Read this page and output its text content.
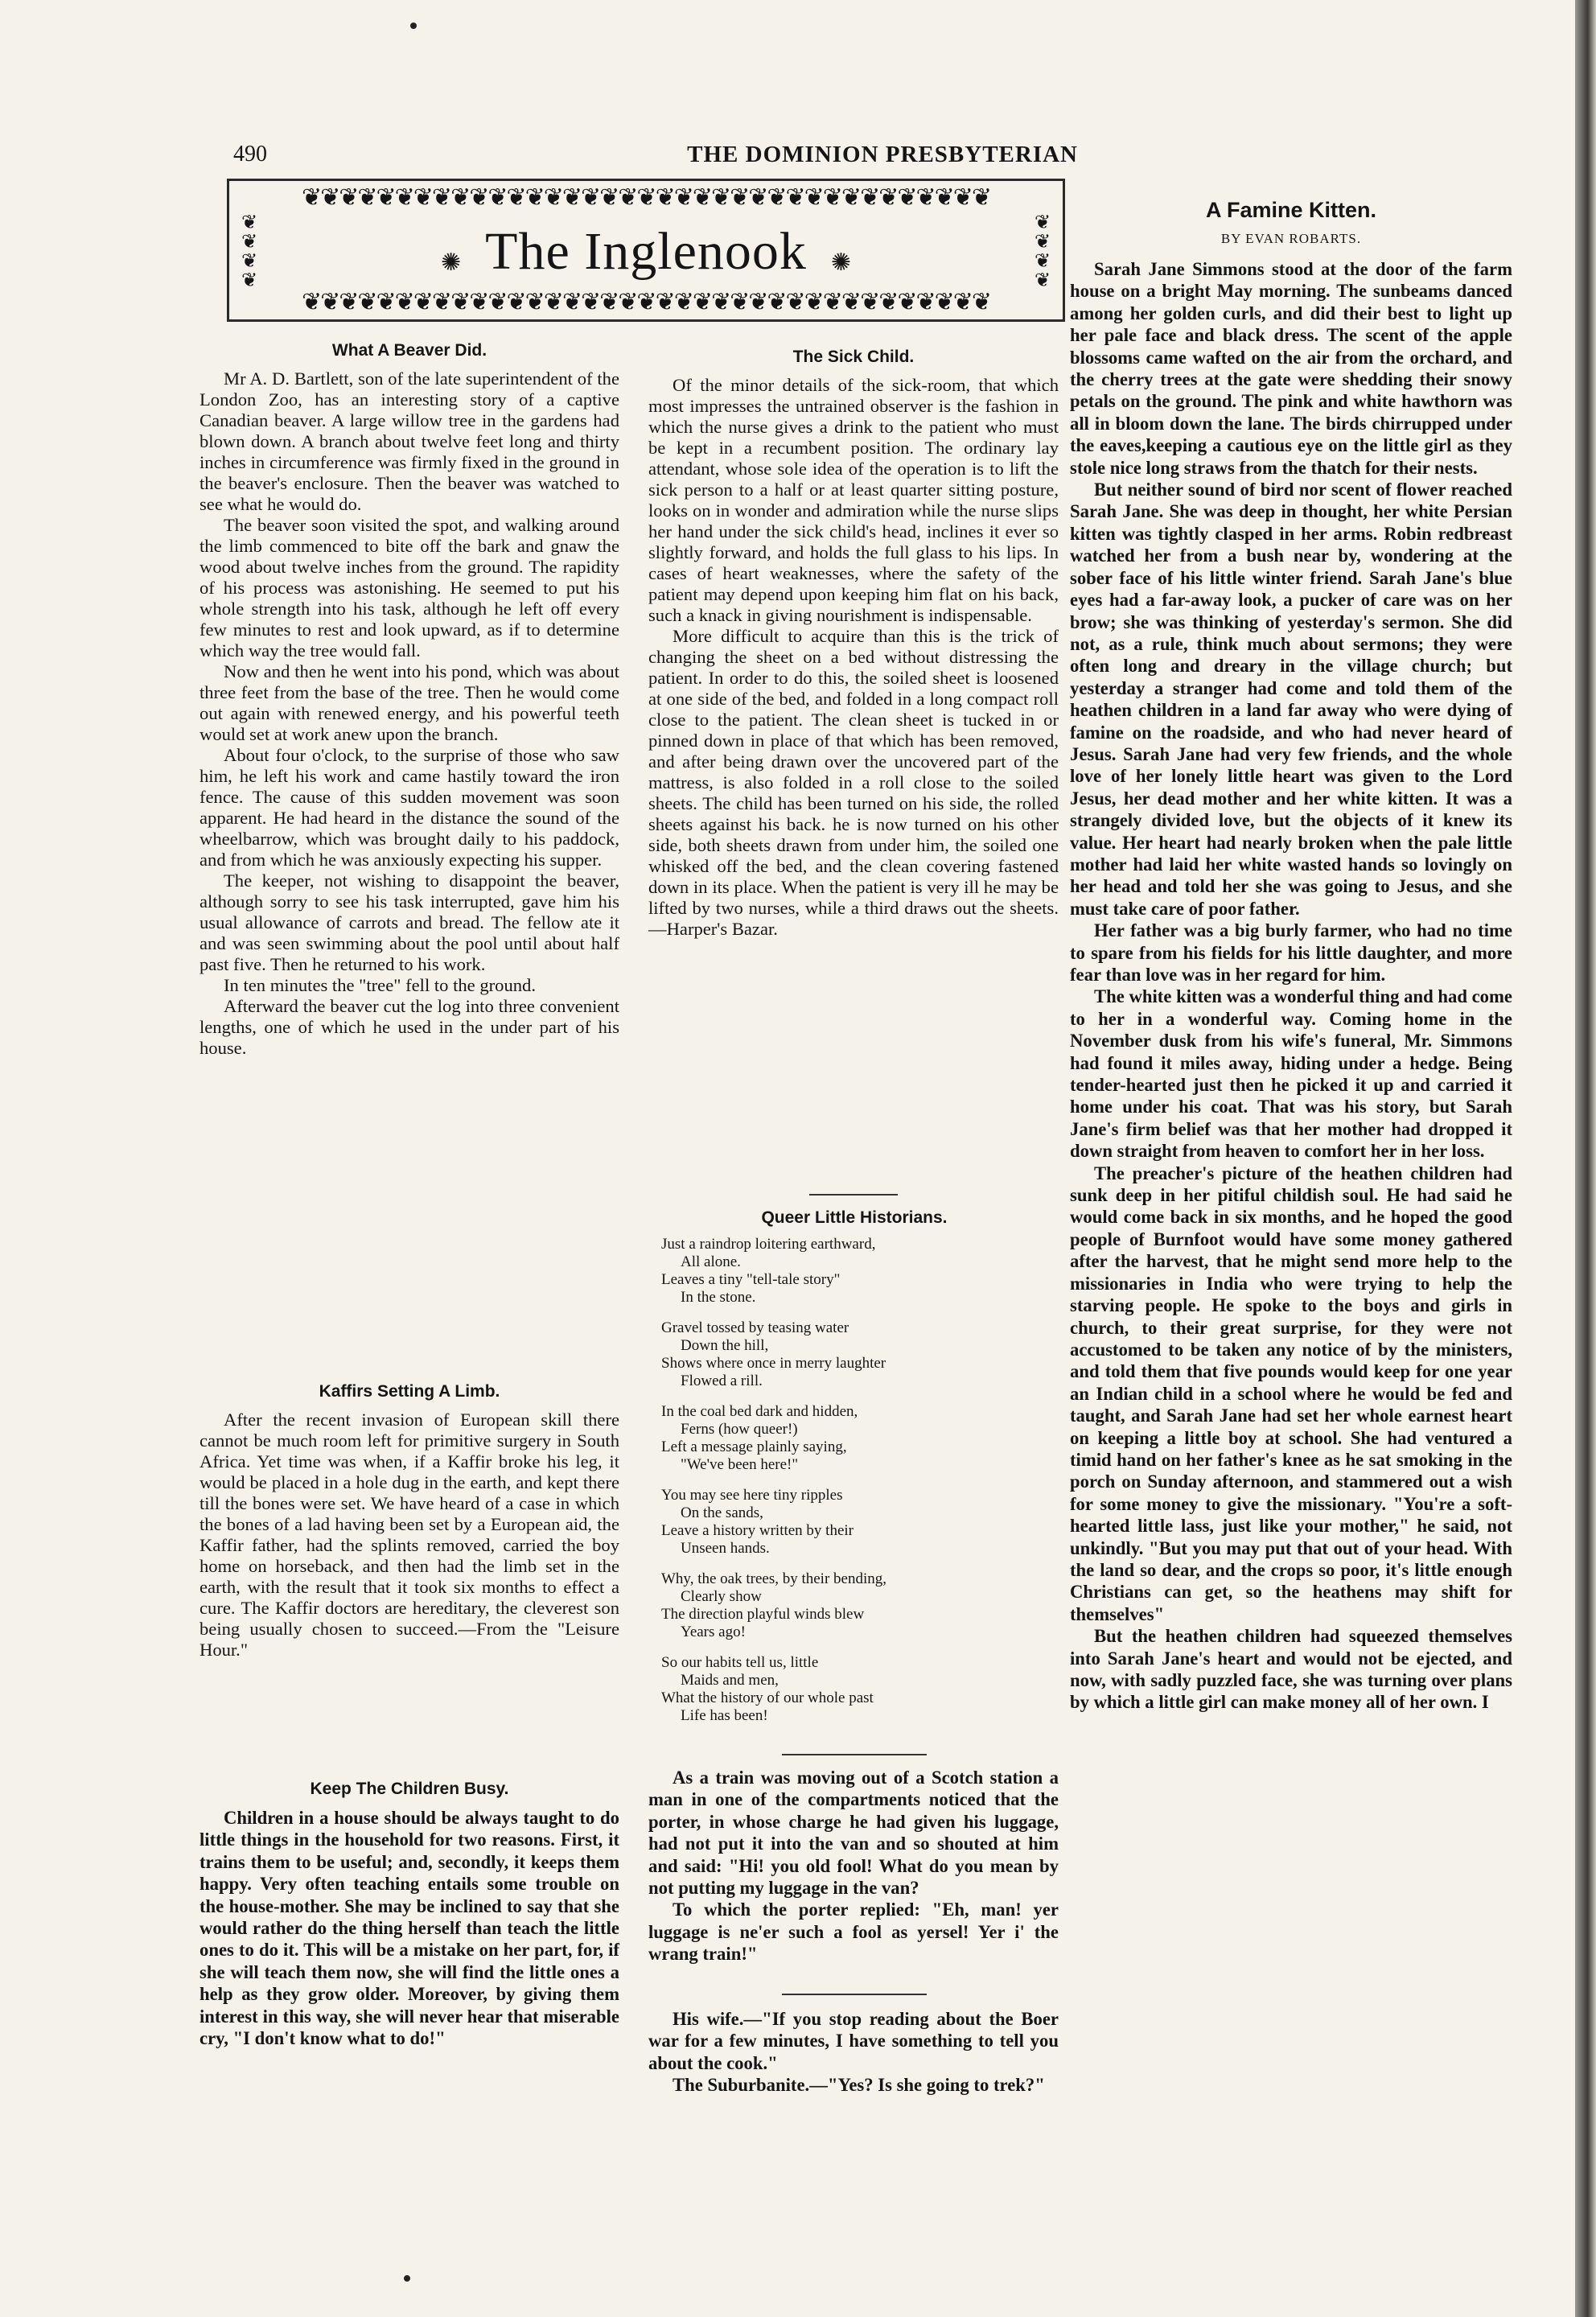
490	THE DOMINION PRESBYTERIAN
❦❦❦❦❦❦❦❦❦❦❦❦❦❦❦❦❦❦❦❦❦❦❦❦❦❦❦❦❦❦❦❦❦❦❦❦❦
❦
❦
❦
❦
❦
❦
❦
❦
✺ The Inglenook ✺
❦❦❦❦❦❦❦❦❦❦❦❦❦❦❦❦❦❦❦❦❦❦❦❦❦❦❦❦❦❦❦❦❦❦❦❦❦
What A Beaver Did.

Mr A. D. Bartlett, son of the late superintendent of the London Zoo, has an interesting story of a captive Canadian beaver. A large willow tree in the gardens had blown down. A branch about twelve feet long and thirty inches in circumference was firmly fixed in the ground in the beaver's enclosure. Then the beaver was watched to see what he would do.

The beaver soon visited the spot, and walking around the limb commenced to bite off the bark and gnaw the wood about twelve inches from the ground. The rapidity of his process was astonishing. He seemed to put his whole strength into his task, although he left off every few minutes to rest and look upward, as if to determine which way the tree would fall.

Now and then he went into his pond, which was about three feet from the base of the tree. Then he would come out again with renewed energy, and his powerful teeth would set at work anew upon the branch.

About four o'clock, to the surprise of those who saw him, he left his work and came hastily toward the iron fence. The cause of this sudden movement was soon apparent. He had heard in the distance the sound of the wheelbarrow, which was brought daily to his paddock, and from which he was anxiously expecting his supper.

The keeper, not wishing to disappoint the beaver, although sorry to see his task interrupted, gave him his usual allowance of carrots and bread. The fellow ate it and was seen swimming about the pool until about half past five. Then he returned to his work.

In ten minutes the "tree" fell to the ground.

Afterward the beaver cut the log into three convenient lengths, one of which he used in the under part of his house.

Kaffirs Setting A Limb.

After the recent invasion of European skill there cannot be much room left for primitive surgery in South Africa. Yet time was when, if a Kaffir broke his leg, it would be placed in a hole dug in the earth, and kept there till the bones were set. We have heard of a case in which the bones of a lad having been set by a European aid, the Kaffir father, had the splints removed, carried the boy home on horseback, and then had the limb set in the earth, with the result that it took six months to effect a cure. The Kaffir doctors are hereditary, the cleverest son being usually chosen to succeed.—From the "Leisure Hour."

Keep The Children Busy.

Children in a house should be always taught to do little things in the household for two reasons. First, it trains them to be useful; and, secondly, it keeps them happy. Very often teaching entails some trouble on the house-mother. She may be inclined to say that she would rather do the thing herself than teach the little ones to do it. This will be a mistake on her part, for, if she will teach them now, she will find the little ones a help as they grow older. Moreover, by giving them interest in this way, she will never hear that miserable cry, "I don't know what to do!"

The Sick Child.

Of the minor details of the sick-room, that which most impresses the untrained observer is the fashion in which the nurse gives a drink to the patient who must be kept in a recumbent position. The ordinary lay attendant, whose sole idea of the operation is to lift the sick person to a half or at least quarter sitting posture, looks on in wonder and admiration while the nurse slips her hand under the sick child's head, inclines it ever so slightly forward, and holds the full glass to his lips. In cases of heart weaknesses, where the safety of the patient may depend upon keeping him flat on his back, such a knack in giving nourishment is indispensable.

More difficult to acquire than this is the trick of changing the sheet on a bed without distressing the patient. In order to do this, the soiled sheet is loosened at one side of the bed, and folded in a long compact roll close to the patient. The clean sheet is tucked in or pinned down in place of that which has been removed, and after being drawn over the uncovered part of the mattress, is also folded in a roll close to the soiled sheets. The child has been turned on his side, the rolled sheets against his back. he is now turned on his other side, both sheets drawn from under him, the soiled one whisked off the bed, and the clean covering fastened down in its place. When the patient is very ill he may be lifted by two nurses, while a third draws out the sheets.—Harper's Bazar.

Queer Little Historians.
Just a raindrop loitering earthward,
All alone.
Leaves a tiny "tell-tale story"
In the stone.
Gravel tossed by teasing water
Down the hill,
Shows where once in merry laughter
Flowed a rill.
In the coal bed dark and hidden,
Ferns (how queer!)
Left a message plainly saying,
"We've been here!"
You may see here tiny ripples
On the sands,
Leave a history written by their
Unseen hands.
Why, the oak trees, by their bending,
Clearly show
The direction playful winds blew
Years ago!
So our habits tell us, little
Maids and men,
What the history of our whole past
Life has been!

As a train was moving out of a Scotch station a man in one of the compartments noticed that the porter, in whose charge he had given his luggage, had not put it into the van and so shouted at him and said: "Hi! you old fool! What do you mean by not putting my luggage in the van?

To which the porter replied: "Eh, man! yer luggage is ne'er such a fool as yersel! Yer i' the wrang train!"

His wife.—"If you stop reading about the Boer war for a few minutes, I have something to tell you about the cook."

The Suburbanite.—"Yes? Is she going to trek?"

A Famine Kitten.
BY EVAN ROBARTS.

Sarah Jane Simmons stood at the door of the farm house on a bright May morning. The sunbeams danced among her golden curls, and did their best to light up her pale face and black dress. The scent of the apple blossoms came wafted on the air from the orchard, and the cherry trees at the gate were shedding their snowy petals on the ground. The pink and white hawthorn was all in bloom down the lane. The birds chirrupped under the eaves,keeping a cautious eye on the little girl as they stole nice long straws from the thatch for their nests.

But neither sound of bird nor scent of flower reached Sarah Jane. She was deep in thought, her white Persian kitten was tightly clasped in her arms. Robin redbreast watched her from a bush near by, wondering at the sober face of his little winter friend. Sarah Jane's blue eyes had a far-away look, a pucker of care was on her brow; she was thinking of yesterday's sermon. She did not, as a rule, think much about sermons; they were often long and dreary in the village church; but yesterday a stranger had come and told them of the heathen children in a land far away who were dying of famine on the roadside, and who had never heard of Jesus. Sarah Jane had very few friends, and the whole love of her lonely little heart was given to the Lord Jesus, her dead mother and her white kitten. It was a strangely divided love, but the objects of it knew its value. Her heart had nearly broken when the pale little mother had laid her white wasted hands so lovingly on her head and told her she was going to Jesus, and she must take care of poor father.

Her father was a big burly farmer, who had no time to spare from his fields for his little daughter, and more fear than love was in her regard for him.

The white kitten was a wonderful thing and had come to her in a wonderful way. Coming home in the November dusk from his wife's funeral, Mr. Simmons had found it miles away, hiding under a hedge. Being tender-hearted just then he picked it up and carried it home under his coat. That was his story, but Sarah Jane's firm belief was that her mother had dropped it down straight from heaven to comfort her in her loss.

The preacher's picture of the heathen children had sunk deep in her pitiful childish soul. He had said he would come back in six months, and he hoped the good people of Burnfoot would have some money gathered after the harvest, that he might send more help to the missionaries in India who were trying to help the starving people. He spoke to the boys and girls in church, to their great surprise, for they were not accustomed to be taken any notice of by the ministers, and told them that five pounds would keep for one year an Indian child in a school where he would be fed and taught, and Sarah Jane had set her whole earnest heart on keeping a little boy at school. She had ventured a timid hand on her father's knee as he sat smoking in the porch on Sunday afternoon, and stammered out a wish for some money to give the missionary. "You're a soft-hearted little lass, just like your mother," he said, not unkindly. "But you may put that out of your head. With the land so dear, and the crops so poor, it's little enough Christians can get, so the heathens may shift for themselves"

But the heathen children had squeezed themselves into Sarah Jane's heart and would not be ejected, and now, with sadly puzzled face, she was turning over plans by which a little girl can make money all of her own. I
